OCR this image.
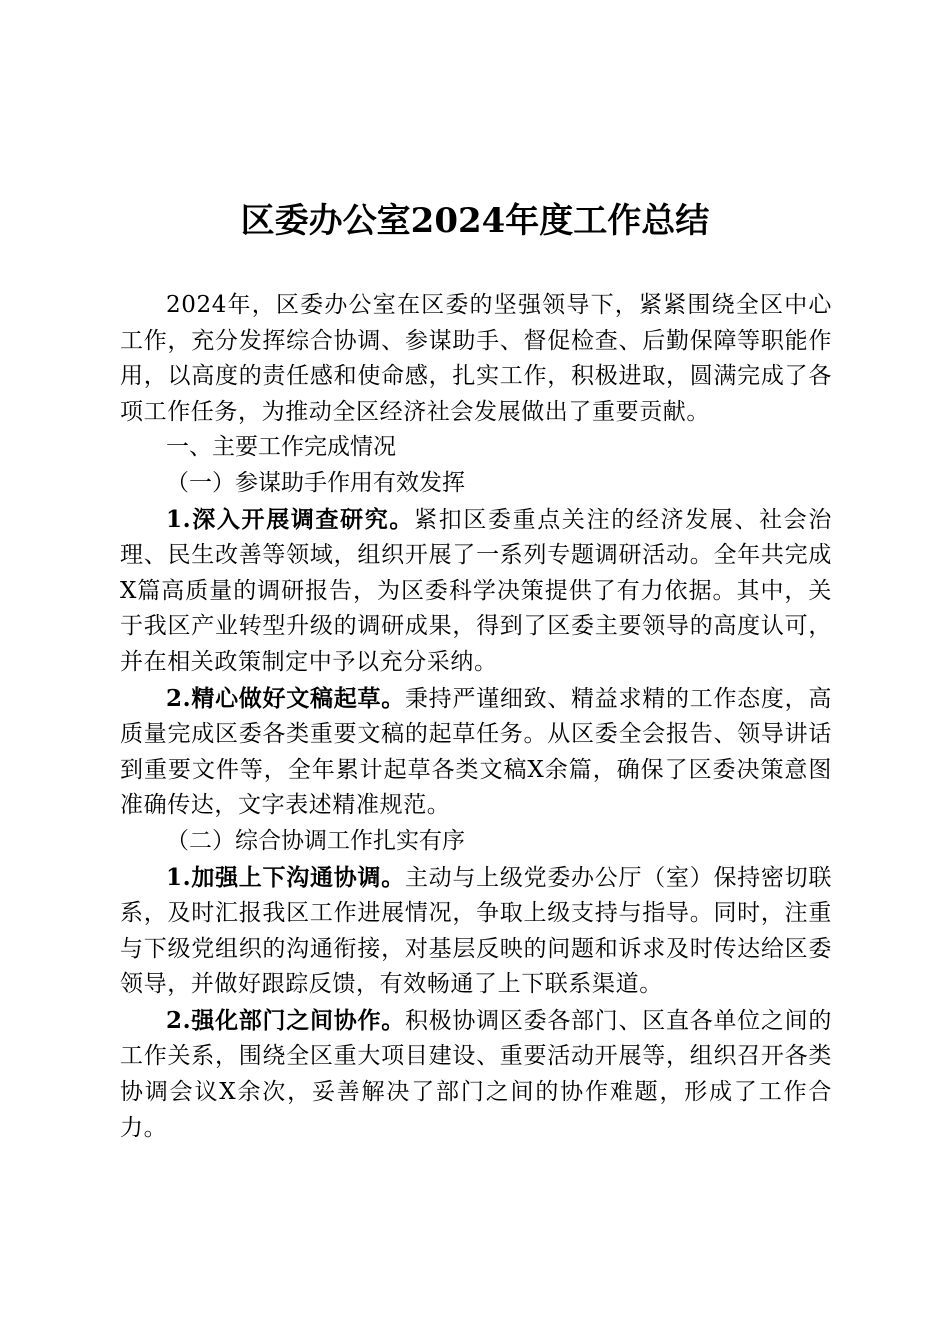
区委办公室2024年度工作总结

2024年，区委办公室在区委的坚强领导下，紧紧围绕全区中心工作，充分发挥综合协调、参谋助手、督促检查、后勤保障等职能作用，以高度的责任感和使命感，扎实工作，积极进取，圆满完成了各项工作任务，为推动全区经济社会发展做出了重要贡献。

一、主要工作完成情况

（一）参谋助手作用有效发挥

1.深入开展调查研究。紧扣区委重点关注的经济发展、社会治理、民生改善等领域，组织开展了一系列专题调研活动。全年共完成X篇高质量的调研报告，为区委科学决策提供了有力依据。其中，关于我区产业转型升级的调研成果，得到了区委主要领导的高度认可，并在相关政策制定中予以充分采纳。

2.精心做好文稿起草。秉持严谨细致、精益求精的工作态度，高质量完成区委各类重要文稿的起草任务。从区委全会报告、领导讲话到重要文件等，全年累计起草各类文稿X余篇，确保了区委决策意图准确传达，文字表述精准规范。

（二）综合协调工作扎实有序

1.加强上下沟通协调。主动与上级党委办公厅（室）保持密切联系，及时汇报我区工作进展情况，争取上级支持与指导。同时，注重与下级党组织的沟通衔接，对基层反映的问题和诉求及时传达给区委领导，并做好跟踪反馈，有效畅通了上下联系渠道。

2.强化部门之间协作。积极协调区委各部门、区直各单位之间的工作关系，围绕全区重大项目建设、重要活动开展等，组织召开各类协调会议X余次，妥善解决了部门之间的协作难题，形成了工作合力。
